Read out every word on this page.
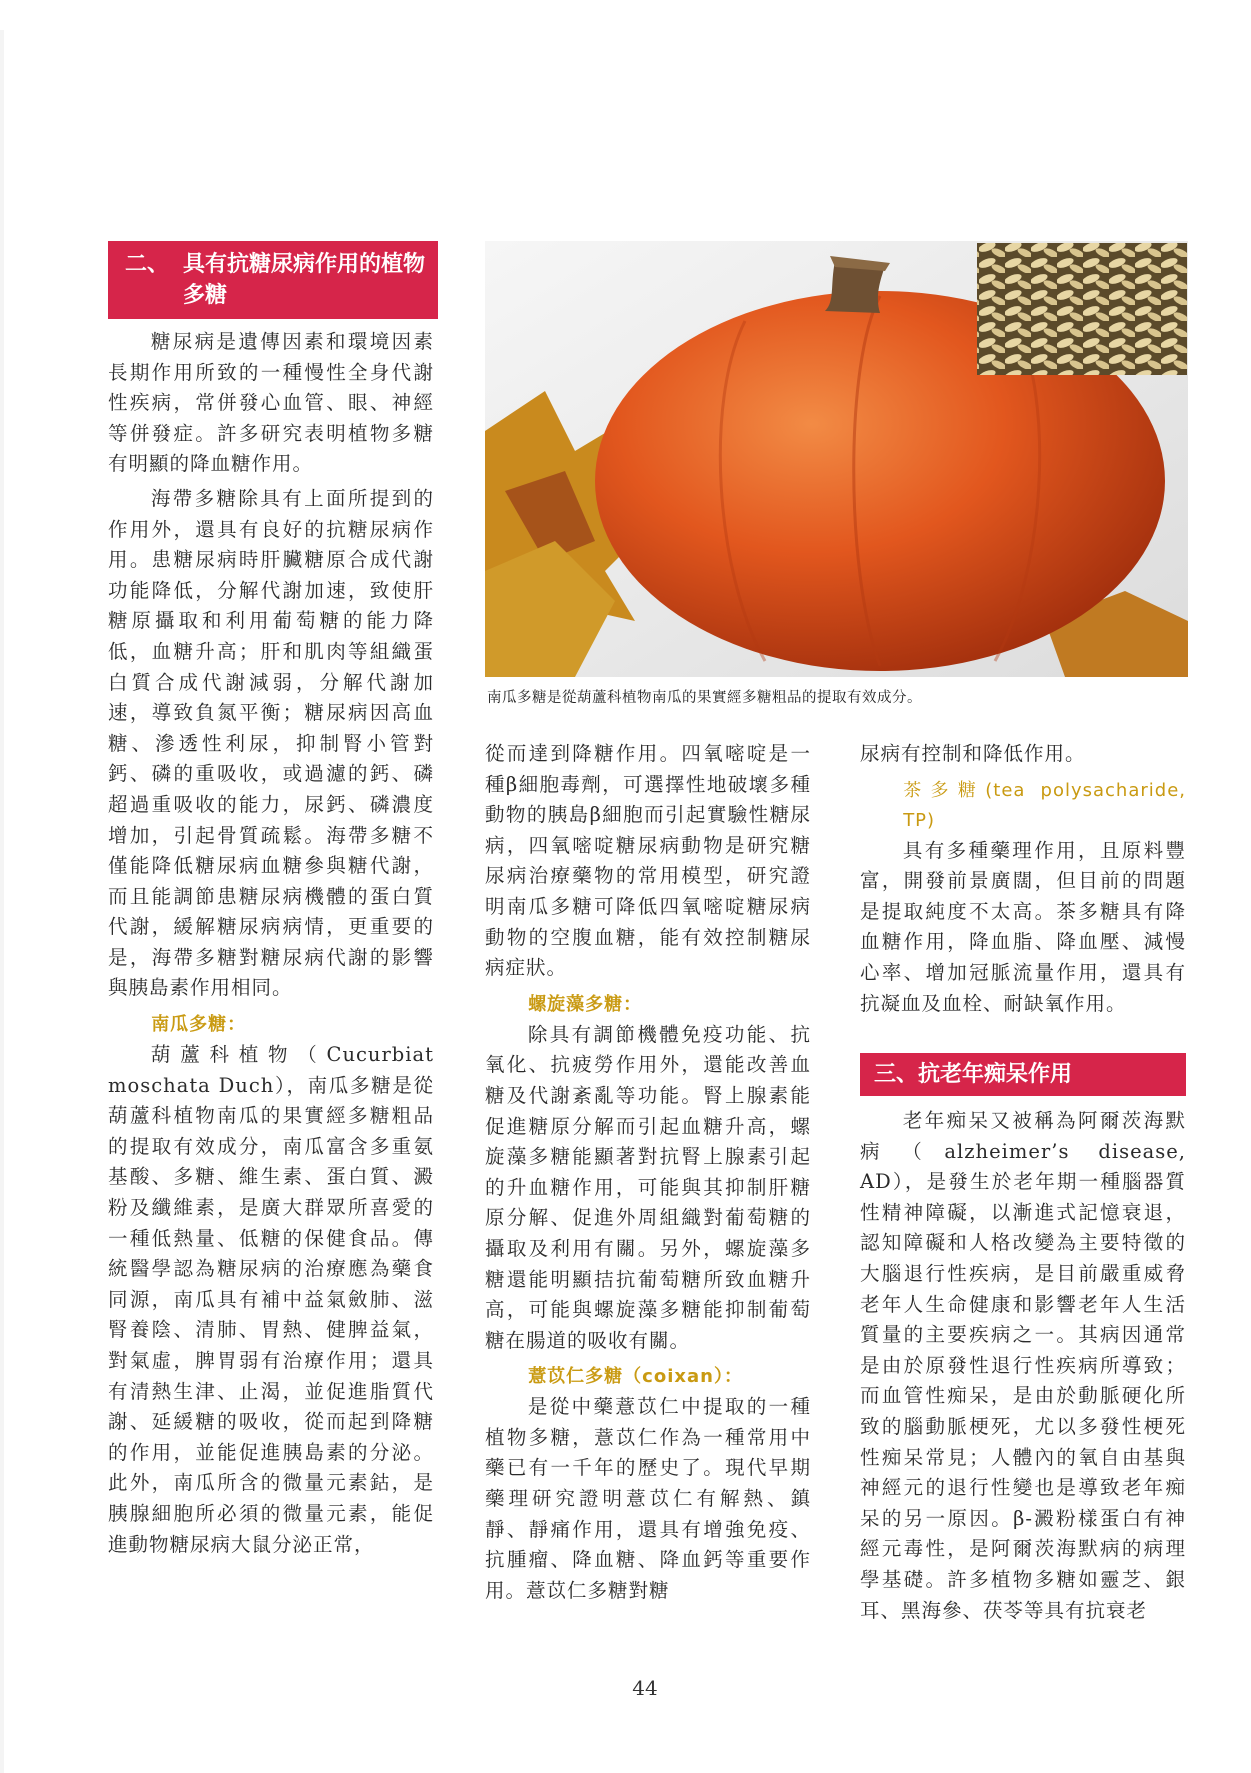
二、 具有抗糖尿病作用的植物多糖

糖尿病是遺傳因素和環境因素長期作用所致的一種慢性全身代謝性疾病，常併發心血管、眼、神經等併發症。許多研究表明植物多糖有明顯的降血糖作用。

海帶多糖除具有上面所提到的作用外，還具有良好的抗糖尿病作用。患糖尿病時肝臟糖原合成代謝功能降低，分解代謝加速，致使肝糖原攝取和利用葡萄糖的能力降低，血糖升高；肝和肌肉等組織蛋白質合成代謝減弱，分解代謝加速，導致負氮平衡；糖尿病因高血糖、滲透性利尿，抑制腎小管對鈣、磷的重吸收，或過濾的鈣、磷超過重吸收的能力，尿鈣、磷濃度增加，引起骨質疏鬆。海帶多糖不僅能降低糖尿病血糖參與糖代謝，而且能調節患糖尿病機體的蛋白質代謝，緩解糖尿病病情，更重要的是，海帶多糖對糖尿病代謝的影響與胰島素作用相同。

南瓜多糖：

葫蘆科植物（Cucurbiat moschata Duch），南瓜多糖是從葫蘆科植物南瓜的果實經多糖粗品的提取有效成分，南瓜富含多重氨基酸、多糖、維生素、蛋白質、澱粉及纖維素，是廣大群眾所喜愛的一種低熱量、低糖的保健食品。傳統醫學認為糖尿病的治療應為藥食同源，南瓜具有補中益氣斂肺、滋腎養陰、清肺、胃熱、健脾益氣，對氣虛，脾胃弱有治療作用；還具有清熱生津、止渴，並促進脂質代謝、延緩糖的吸收，從而起到降糖的作用，並能促進胰島素的分泌。此外，南瓜所含的微量元素鈷，是胰腺細胞所必須的微量元素，能促進動物糖尿病大鼠分泌正常，

南瓜多糖是從葫蘆科植物南瓜的果實經多糖粗品的提取有效成分。

從而達到降糖作用。四氧嘧啶是一種β細胞毒劑，可選擇性地破壞多種動物的胰島β細胞而引起實驗性糖尿病，四氧嘧啶糖尿病動物是研究糖尿病治療藥物的常用模型，研究證明南瓜多糖可降低四氧嘧啶糖尿病動物的空腹血糖，能有效控制糖尿病症狀。

螺旋藻多糖：

除具有調節機體免疫功能、抗氧化、抗疲勞作用外，還能改善血糖及代謝紊亂等功能。腎上腺素能促進糖原分解而引起血糖升高，螺旋藻多糖能顯著對抗腎上腺素引起的升血糖作用，可能與其抑制肝糖原分解、促進外周組織對葡萄糖的攝取及利用有關。另外，螺旋藻多糖還能明顯拮抗葡萄糖所致血糖升高，可能與螺旋藻多糖能抑制葡萄糖在腸道的吸收有關。

薏苡仁多糖（coixan）：

是從中藥薏苡仁中提取的一種植物多糖，薏苡仁作為一種常用中藥已有一千年的歷史了。現代早期藥理研究證明薏苡仁有解熱、鎮靜、靜痛作用，還具有增強免疫、抗腫瘤、降血糖、降血鈣等重要作用。薏苡仁多糖對糖

尿病有控制和降低作用。

茶多糖(tea polysacharide, TP)

具有多種藥理作用，且原料豐富，開發前景廣闊，但目前的問題是提取純度不太高。茶多糖具有降血糖作用，降血脂、降血壓、減慢心率、增加冠脈流量作用，還具有抗凝血及血栓、耐缺氧作用。

三、抗老年痴呆作用

老年痴呆又被稱為阿爾茨海默病（alzheimer’s disease, AD），是發生於老年期一種腦器質性精神障礙，以漸進式記憶衰退，認知障礙和人格改變為主要特徵的大腦退行性疾病，是目前嚴重威脅老年人生命健康和影響老年人生活質量的主要疾病之一。其病因通常是由於原發性退行性疾病所導致；而血管性痴呆，是由於動脈硬化所致的腦動脈梗死，尤以多發性梗死性痴呆常見；人體內的氧自由基與神經元的退行性變也是導致老年痴呆的另一原因。β-澱粉樣蛋白有神經元毒性，是阿爾茨海默病的病理學基礎。許多植物多糖如靈芝、銀耳、黑海參、茯苓等具有抗衰老

44
